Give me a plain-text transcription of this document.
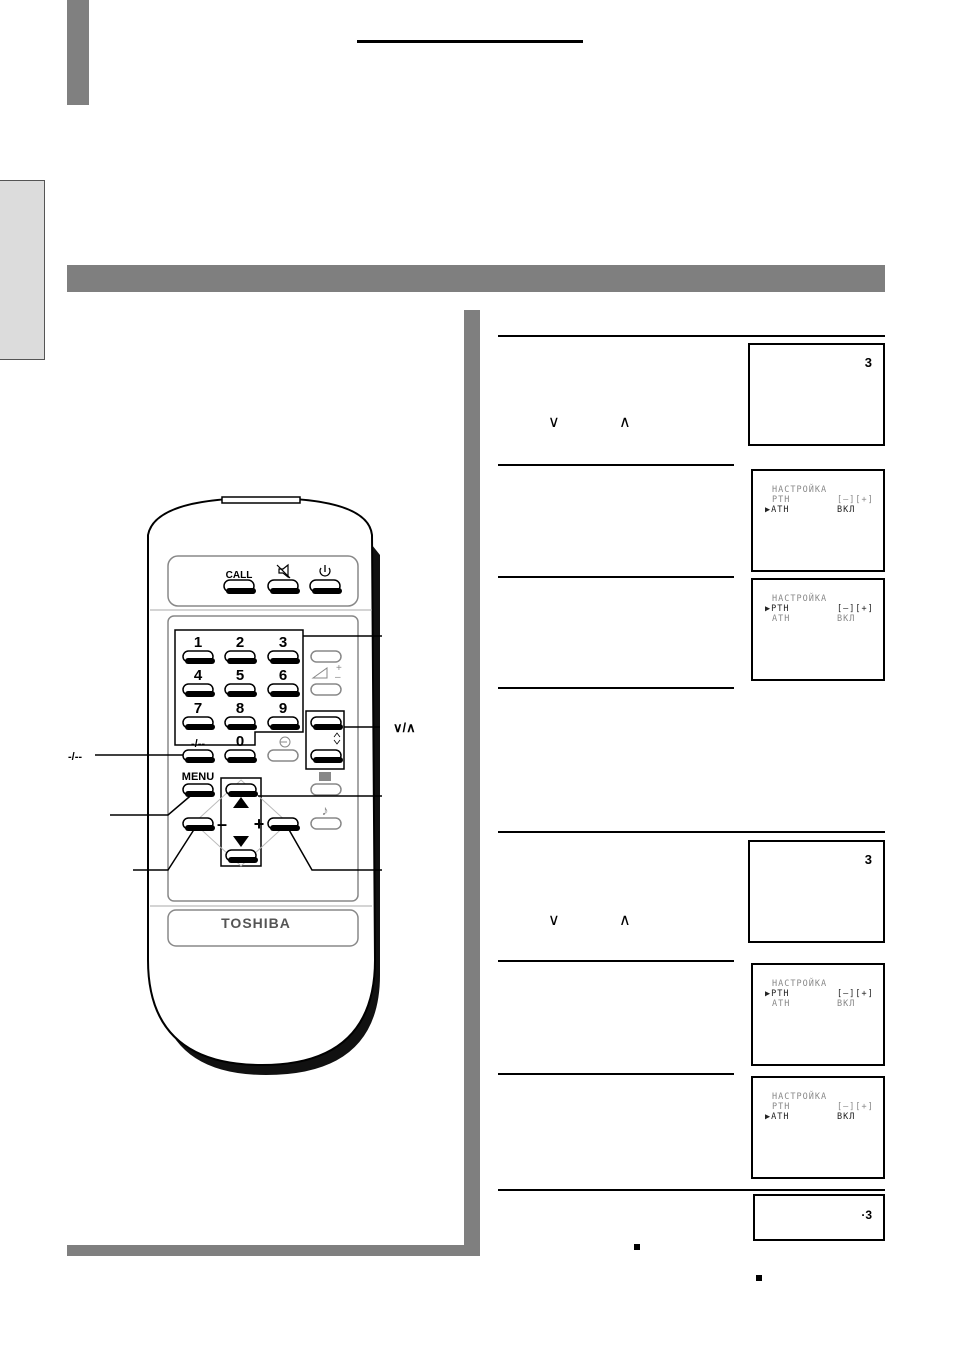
CALL
1 2 3
4 5 6
7 8 9
0
-/--
+
–
♪
MENU
– +
TOSHIBA
-/--
∨/∧
3
∨	∧
НАСТРОЙКА
РТН	[–][+]
▶АТН	ВКЛ
НАСТРОЙКА
▶РТН	[–][+]
АТН	ВКЛ
3
∨	∧
НАСТРОЙКА
▶РТН	[–][+]
АТН	ВКЛ
НАСТРОЙКА
РТН	[–][+]
▶АТН	ВКЛ
·3
